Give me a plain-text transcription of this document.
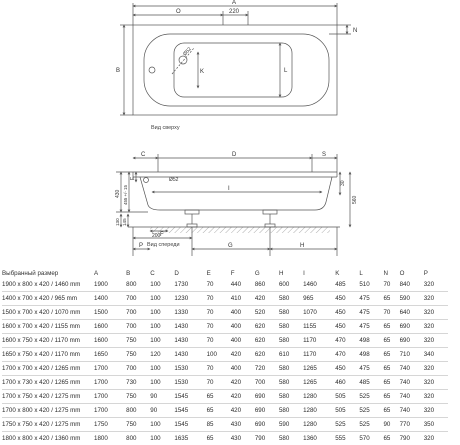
A
O	220
B
N
K	L
Ø52
C	D	S
Ø52
I
30
560
430 455 +/- 15
E
130 145
200 F
P	G	H
Вид сверху
Вид спереди
Выбранный размер	A	B	C	D	E	F	G	H	I	K	L	N	O	P
1900 x 800 x 420 / 1460 mm	1900	800	100	1730	70	440	860	600	1460	485	510	70	840	320
1400 x 700 x 420 / 965 mm	1400	700	100	1230	70	410	420	580	965	450	475	65	590	320
1500 x 700 x 420 / 1070 mm	1500	700	100	1330	70	400	520	580	1070	450	475	70	640	320
1600 x 700 x 420 / 1155 mm	1600	700	100	1430	70	400	620	580	1155	450	475	65	690	320
1600 x 750 x 420 / 1170 mm	1600	750	100	1430	70	400	620	580	1170	470	498	65	690	320
1650 x 750 x 420 / 1170 mm	1650	750	120	1430	100	420	620	610	1170	470	498	65	710	340
1700 x 700 x 420 / 1265 mm	1700	700	100	1530	70	400	720	580	1265	450	475	65	740	320
1700 x 730 x 420 / 1265 mm	1700	730	100	1530	70	420	700	580	1265	460	485	65	740	320
1700 x 750 x 420 / 1275 mm	1700	750	90	1545	65	420	690	580	1280	505	525	65	740	320
1700 x 800 x 420 / 1275 mm	1700	800	90	1545	65	420	690	580	1280	505	525	65	740	320
1750 x 750 x 420 / 1275 mm	1750	750	100	1545	85	430	690	590	1280	525	525	90	770	350
1800 x 800 x 420 / 1360 mm	1800	800	100	1635	65	430	790	580	1360	555	570	65	790	320
